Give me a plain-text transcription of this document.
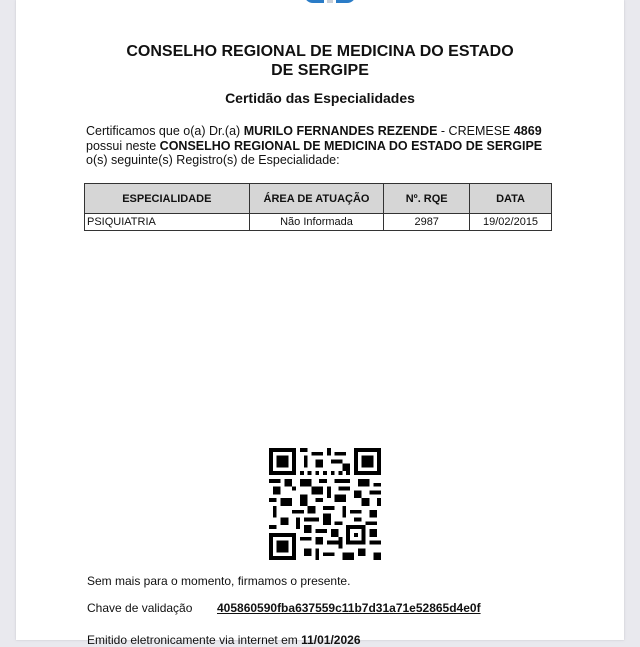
CONSELHO REGIONAL DE MEDICINA DO ESTADO
DE SERGIPE
Certidão das Especialidades
Certificamos que o(a) Dr.(a) MURILO FERNANDES REZENDE - CREMESE 4869 possui neste CONSELHO REGIONAL DE MEDICINA DO ESTADO DE SERGIPE o(s) seguinte(s) Registro(s) de Especialidade:
ESPECIALIDADE	ÁREA DE ATUAÇÃO	Nº. RQE	DATA
PSIQUIATRIA	Não Informada	2987	19/02/2015
Sem mais para o momento, firmamos o presente.
Chave de validação 405860590fba637559c11b7d31a71e52865d4e0f
Emitido eletronicamente via internet em 11/01/2026
